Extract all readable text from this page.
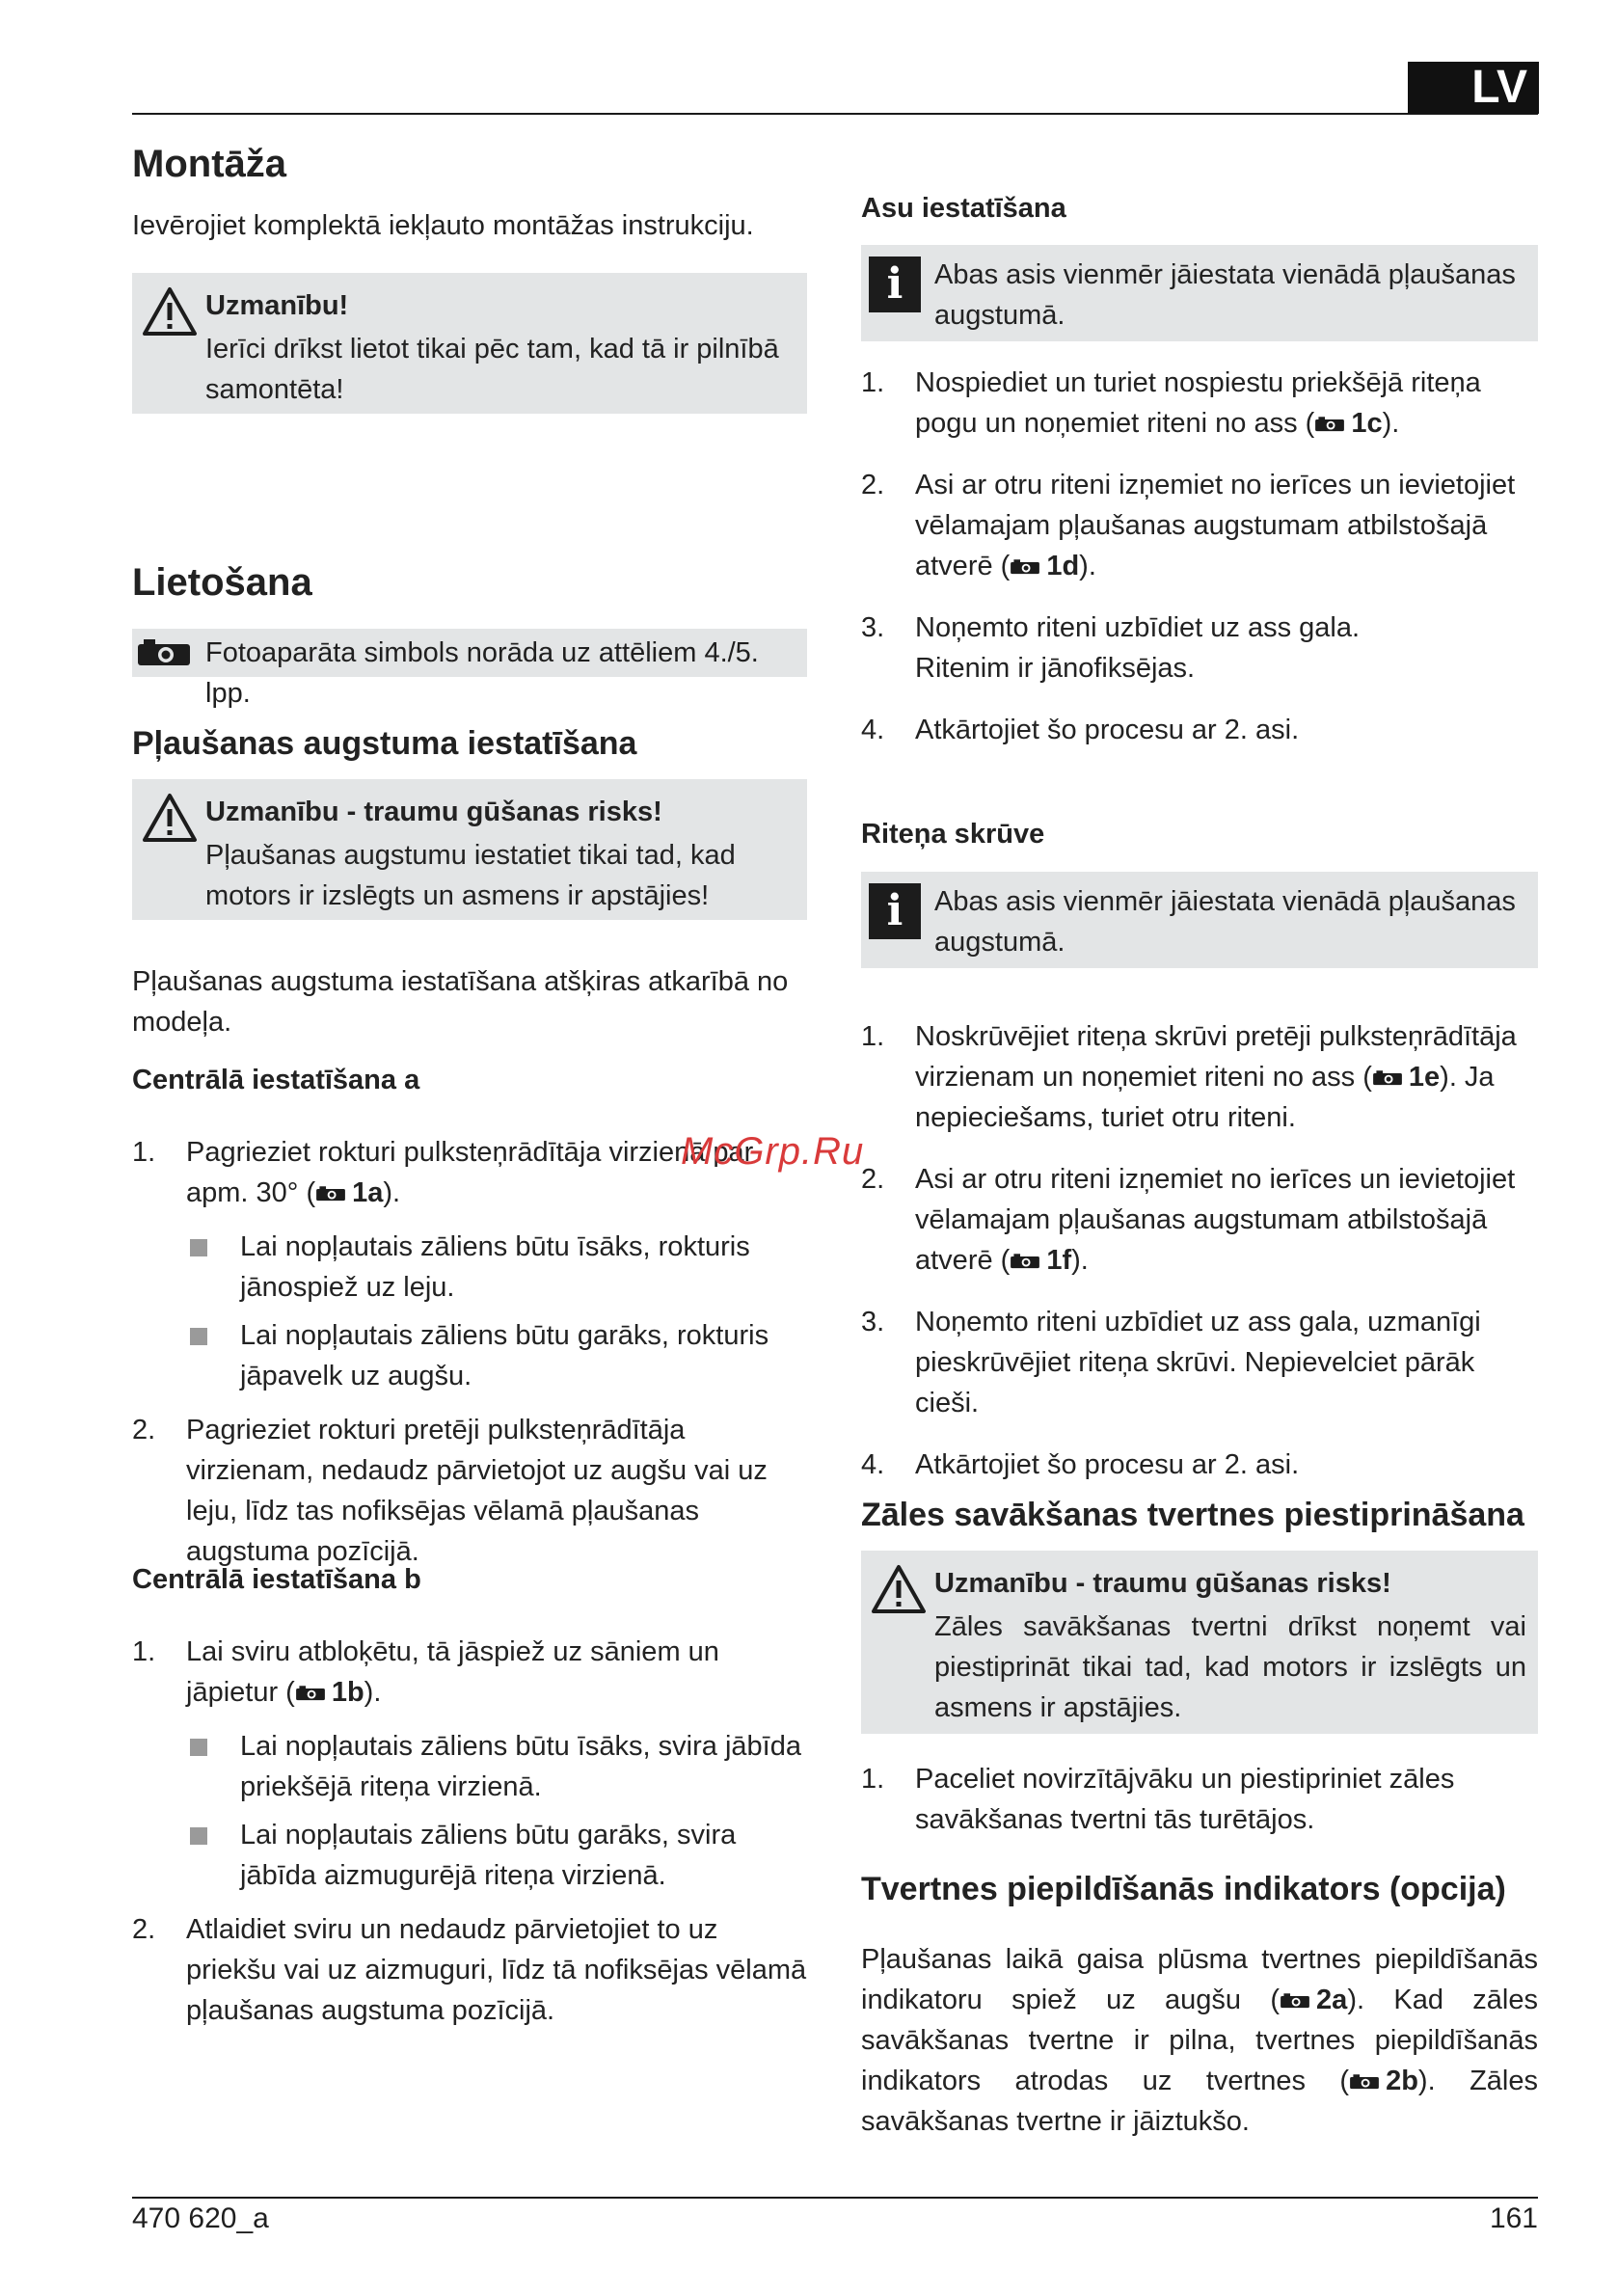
LV
Montāža

Ievērojiet komplektā iekļauto montāžas instrukciju.

Uzmanību!
Ierīci drīkst lietot tikai pēc tam, kad tā ir pilnībā samontēta!
Lietošana
Fotoaparāta simbols norāda uz attēliem 4./5. lpp.
Pļaušanas augstuma iestatīšana
Uzmanību - traumu gūšanas risks!
Pļaušanas augstumu iestatiet tikai tad, kad motors ir izslēgts un asmens ir apstājies!

Pļaušanas augstuma iestatīšana atšķiras atkarībā no modeļa.

Centrālā iestatīšana a
1. Pagrieziet rokturi pulksteņrādītāja virzienā par apm. 30° ( 1a).
Lai nopļautais zāliens būtu īsāks, rokturis jānospiež uz leju.
Lai nopļautais zāliens būtu garāks, rokturis jāpavelk uz augšu.
2. Pagrieziet rokturi pretēji pulksteņrādītāja virzienam, nedaudz pārvietojot uz augšu vai uz leju, līdz tas nofiksējas vēlamā pļaušanas augstuma pozīcijā.
Centrālā iestatīšana b
1. Lai sviru atbloķētu, tā jāspiež uz sāniem un jāpietur ( 1b).
Lai nopļautais zāliens būtu īsāks, svira jābīda priekšējā riteņa virzienā.
Lai nopļautais zāliens būtu garāks, svira jābīda aizmugurējā riteņa virzienā.
2. Atlaidiet sviru un nedaudz pārvietojiet to uz priekšu vai uz aizmuguri, līdz tā nofiksējas vēlamā pļaušanas augstuma pozīcijā.
Asu iestatīšana
i	Abas asis vienmēr jāiestata vienādā pļaušanas augstumā.
1. Nospiediet un turiet nospiestu priekšējā riteņa pogu un noņemiet riteni no ass ( 1c).
2. Asi ar otru riteni izņemiet no ierīces un ievietojiet vēlamajam pļaušanas augstumam atbilstošajā atverē ( 1d).
3. Noņemto riteni uzbīdiet uz ass gala.
Ritenim ir jānofiksējas.
4. Atkārtojiet šo procesu ar 2. asi.
Riteņa skrūve
i	Abas asis vienmēr jāiestata vienādā pļaušanas augstumā.
1. Noskrūvējiet riteņa skrūvi pretēji pulksteņrādītāja virzienam un noņemiet riteni no ass ( 1e). Ja nepieciešams, turiet otru riteni.
2. Asi ar otru riteni izņemiet no ierīces un ievietojiet vēlamajam pļaušanas augstumam atbilstošajā atverē ( 1f).
3. Noņemto riteni uzbīdiet uz ass gala, uzmanīgi pieskrūvējiet riteņa skrūvi. Nepievelciet pārāk cieši.
4. Atkārtojiet šo procesu ar 2. asi.
Zāles savākšanas tvertnes piestiprināšana
Uzmanību - traumu gūšanas risks!
Zāles savākšanas tvertni drīkst noņemt vai piestiprināt tikai tad, kad motors ir izslēgts un asmens ir apstājies.
1. Paceliet novirzītājvāku un piestipriniet zāles savākšanas tvertni tās turētājos.
Tvertnes piepildīšanās indikators (opcija)

Pļaušanas laikā gaisa plūsma tvertnes piepildīšanās indikatoru spiež uz augšu ( 2a). Kad zāles savākšanas tvertne ir pilna, tvertnes piepildīšanās indikators atrodas uz tvertnes ( 2b). Zāles savākšanas tvertne ir jāiztukšo.

McGrp.Ru
470 620_a	161
